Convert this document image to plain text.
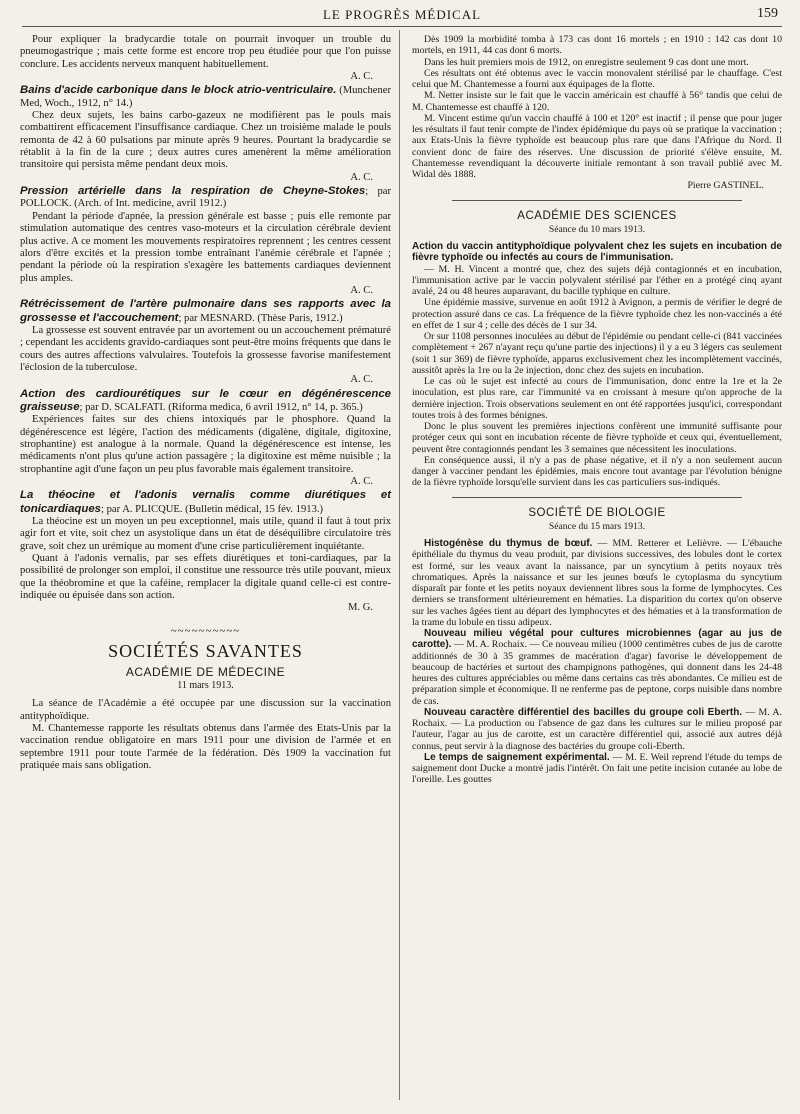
LE PROGRÈS MÉDICAL	159

Pour expliquer la bradycardie totale on pourrait invoquer un trouble du pneumogastrique ; mais cette forme est encore trop peu étudiée pour que l'on puisse conclure. Les accidents nerveux manquent habituellement.

A. C.
Bains d'acide carbonique dans le block atrio-ventriculaire. (Munchener Med, Woch., 1912, n° 14.)

Chez deux sujets, les bains carbo-gazeux ne modifièrent pas le pouls mais combattirent efficacement l'insuffisance cardiaque. Chez un troisième malade le pouls remonta de 42 à 60 pulsations par minute après 9 heures. Pourtant la bradycardie se rétablit à la fin de la cure ; deux autres cures amenèrent la même amélioration transitoire qui persista même pendant deux mois.

A. C.
Pression artérielle dans la respiration de Cheyne-Stokes; par POLLOCK. (Arch. of Int. medicine, avril 1912.)

Pendant la période d'apnée, la pression générale est basse ; puis elle remonte par stimulation automatique des centres vaso-moteurs et la circulation cérébrale devient plus active. A ce moment les mouvements respiratoires reprennent ; les centres cessent alors d'être excités et la pression tombe entraînant l'anémie cérébrale et l'apnée ; pendant la période où la respiration s'exagère les battements cardiaques deviennent plus amples.

A. C.
Rétrécissement de l'artère pulmonaire dans ses rapports avec la grossesse et l'accouchement; par MESNARD. (Thèse Paris, 1912.)

La grossesse est souvent entravée par un avortement ou un accouchement prématuré ; cependant les accidents gravido-cardiaques sont peut-être moins fréquents que dans le cours des autres affections valvulaires. Toutefois la grossesse favorise manifestement l'éclosion de la tuberculose.

A. C.
Action des cardiourétiques sur le cœur en dégénérescence graisseuse; par D. SCALFATI. (Riforma medica, 6 avril 1912, n° 14, p. 365.)

Expériences faites sur des chiens intoxiqués par le phosphore. Quand la dégénérescence est légère, l'action des médicaments (digalène, digitale, digitoxine, strophantine) est analogue à la normale. Quand la dégénérescence est intense, les médicaments n'ont plus qu'une action passagère ; la digitoxine est même nuisible ; la strophantine agit d'une façon un peu plus favorable mais également transitoire.

A. C.
La théocine et l'adonis vernalis comme diurétiques et tonicardiaques; par A. PLICQUE. (Bulletin médical, 15 fév. 1913.)

La théocine est un moyen un peu exceptionnel, mais utile, quand il faut à tout prix agir fort et vite, soit chez un asystolique dans un état de déséquilibre circulatoire très grave, soit chez un urémique au moment d'une crise particulièrement inquiétante.

Quant à l'adonis vernalis, par ses effets diurétiques et toni-cardiaques, par la possibilité de prolonger son emploi, il constitue une ressource très utile pouvant, mieux que la théobromine et que la caféine, remplacer la digitale quand celle-ci est contre-indiquée ou épuisée dans son action.

M. G.
~~~~~~~~~~
SOCIÉTÉS SAVANTES
ACADÉMIE DE MÉDECINE
11 mars 1913.

La séance de l'Académie a été occupée par une discussion sur la vaccination antityphoïdique.

M. Chantemesse rapporte les résultats obtenus dans l'armée des Etats-Unis par la vaccination rendue obligatoire en mars 1911 pour une division de l'armée et en septembre 1911 pour toute l'armée de la fédération. Dès 1909 la vaccination fut pratiquée mais sans obligation.

Dès 1909 la morbidité tomba à 173 cas dont 16 mortels ; en 1910 : 142 cas dont 10 mortels, en 1911, 44 cas dont 6 morts.

Dans les huit premiers mois de 1912, on enregistre seulement 9 cas dont une mort.

Ces résultats ont été obtenus avec le vaccin monovalent stérilisé par le chauffage. C'est celui que M. Chantemesse a fourni aux équipages de la flotte.

M. Netter insiste sur le fait que le vaccin américain est chauffé à 56° tandis que celui de M. Chantemesse est chauffé à 120.

M. Vincent estime qu'un vaccin chauffé à 100 et 120° est inactif ; il pense que pour juger les résultats il faut tenir compte de l'index épidémique du pays où se pratique la vaccination ; aux Etats-Unis la fièvre typhoïde est beaucoup plus rare que dans l'Afrique du Nord. Il convient donc de faire des réserves. Une discussion de priorité s'élève ensuite, M. Chantemesse revendiquant la découverte initiale remontant à son travail publié avec M. Widal dès 1888.

Pierre GASTINEL.
ACADÉMIE DES SCIENCES
Séance du 10 mars 1913.
Action du vaccin antityphoïdique polyvalent chez les sujets en incubation de fièvre typhoïde ou infectés au cours de l'immunisation.

— M. H. Vincent a montré que, chez des sujets déjà contagionnés et en incubation, l'immunisation active par le vaccin polyvalent stérilisé par l'éther en a protégé cinq ayant avalé, 24 ou 48 heures auparavant, du bacille typhique en culture.

Une épidémie massive, survenue en août 1912 à Avignon, a permis de vérifier le degré de protection assuré dans ce cas. La fréquence de la fièvre typhoïde chez les non-vaccinés a été en effet de 1 sur 4 ; celle des décès de 1 sur 34.

Or sur 1108 personnes inoculées au début de l'épidémie ou pendant celle-ci (841 vaccinées complètement + 267 n'ayant reçu qu'une partie des injections) il y a eu 3 légers cas seulement (soit 1 sur 369) de fièvre typhoïde, apparus exclusivement chez les incomplètement vaccinés, aussitôt après la 1re ou la 2e injection, donc chez des sujets en incubation.

Le cas où le sujet est infecté au cours de l'immunisation, donc entre la 1re et la 2e inoculation, est plus rare, car l'immunité va en croissant à mesure qu'on approche de la dernière injection. Trois observations seulement en ont été rapportées jusqu'ici, correspondant toutes trois à des formes bénignes.

Donc le plus souvent les premières injections confèrent une immunité suffisante pour protéger ceux qui sont en incubation récente de fièvre typhoïde et ceux qui, éventuellement, peuvent être contagionnés pendant les 3 semaines que nécessitent les inoculations.

En conséquence aussi, il n'y a pas de phase négative, et il n'y a non seulement aucun danger à vacciner pendant les épidémies, mais encore tout avantage par l'évolution bénigne de la fièvre typhoïde lorsqu'elle survient dans les cas particuliers sus-indiqués.

SOCIÉTÉ DE BIOLOGIE
Séance du 15 mars 1913.

Histogénèse du thymus de bœuf. — MM. Retterer et Lelièvre. — L'ébauche épithéliale du thymus du veau produit, par divisions successives, des lobules dont le cortex est formé, sur les veaux avant la naissance, par un syncytium à petits noyaux très chromatiques. Après la naissance et sur les jeunes bœufs le cytoplasma du syncytium disparaît par fonte et les petits noyaux deviennent libres sous la forme de lymphocytes. Ces derniers se transforment ultérieurement en hématies. La disparition du cortex qu'on observe sur les vaches âgées tient au départ des lymphocytes et des hématies et à la transformation de la trame du lobule en tissu adipeux.

Nouveau milieu végétal pour cultures microbiennes (agar au jus de carotte). — M. A. Rochaix. — Ce nouveau milieu (1000 centimètres cubes de jus de carotte additionnés de 30 à 35 grammes de macération d'agar) favorise le développement de beaucoup de bactéries et surtout des champignons pathogènes, qui donnent dans les 24-48 heures des cultures appréciables ou même dans certains cas très abondantes. Ce milieu est de préparation simple et économique. Il ne renferme pas de peptone, corps nuisible dans nombre de cas.

Nouveau caractère différentiel des bacilles du groupe coli Eberth. — M. A. Rochaix. — La production ou l'absence de gaz dans les cultures sur le milieu proposé par l'auteur, l'agar au jus de carotte, est un caractère différentiel qui, associé aux autres déjà connus, peut servir à la diagnose des bactéries du groupe coli-Eberth.

Le temps de saignement expérimental. — M. E. Weil reprend l'étude du temps de saignement dont Ducke a montré jadis l'intérêt. On fait une petite incision cutanée au lobe de l'oreille. Les gouttes
